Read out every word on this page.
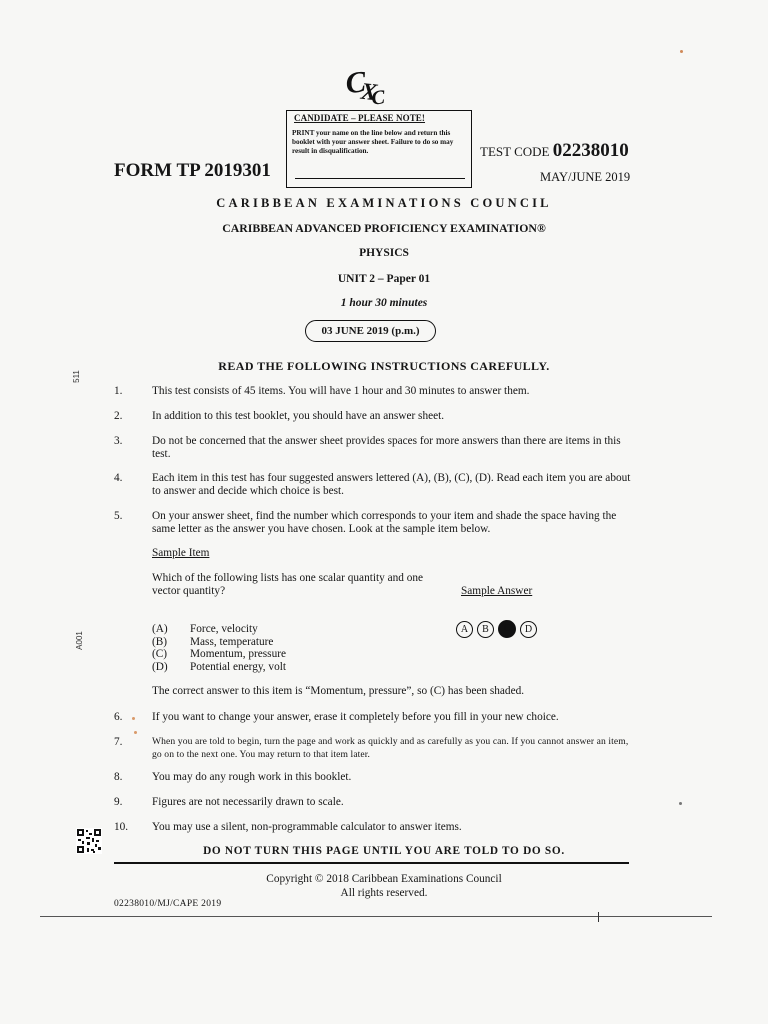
CXC
CANDIDATE – PLEASE NOTE!
PRINT your name on the line below and return this booklet with your answer sheet. Failure to do so may result in disqualification.
FORM TP 2019301
TEST CODE 02238010
MAY/JUNE 2019
CARIBBEAN EXAMINATIONS COUNCIL
CARIBBEAN ADVANCED PROFICIENCY EXAMINATION®
PHYSICS
UNIT 2 – Paper 01
1 hour 30 minutes
03 JUNE 2019 (p.m.)
READ THE FOLLOWING INSTRUCTIONS CAREFULLY.
1.	This test consists of 45 items. You will have 1 hour and 30 minutes to answer them.
2.	In addition to this test booklet, you should have an answer sheet.
3.	Do not be concerned that the answer sheet provides spaces for more answers than there are items in this test.
4.	Each item in this test has four suggested answers lettered (A), (B), (C), (D). Read each item you are about to answer and decide which choice is best.
5.	On your answer sheet, find the number which corresponds to your item and shade the space having the same letter as the answer you have chosen. Look at the sample item below.
Sample Item
Which of the following lists has one scalar quantity and one vector quantity?	Sample Answer
(A)	Force, velocity
(B)	Mass, temperature
(C)	Momentum, pressure
(D)	Potential energy, volt
A	B	C	D
The correct answer to this item is “Momentum, pressure”, so (C) has been shaded.
6.	If you want to change your answer, erase it completely before you fill in your new choice.
7.	When you are told to begin, turn the page and work as quickly and as carefully as you can. If you cannot answer an item, go on to the next one. You may return to that item later.
8.	You may do any rough work in this booklet.
9.	Figures are not necessarily drawn to scale.
10.	You may use a silent, non-programmable calculator to answer items.
DO NOT TURN THIS PAGE UNTIL YOU ARE TOLD TO DO SO.
Copyright © 2018 Caribbean Examinations Council
All rights reserved.
02238010/MJ/CAPE 2019
511
A001
